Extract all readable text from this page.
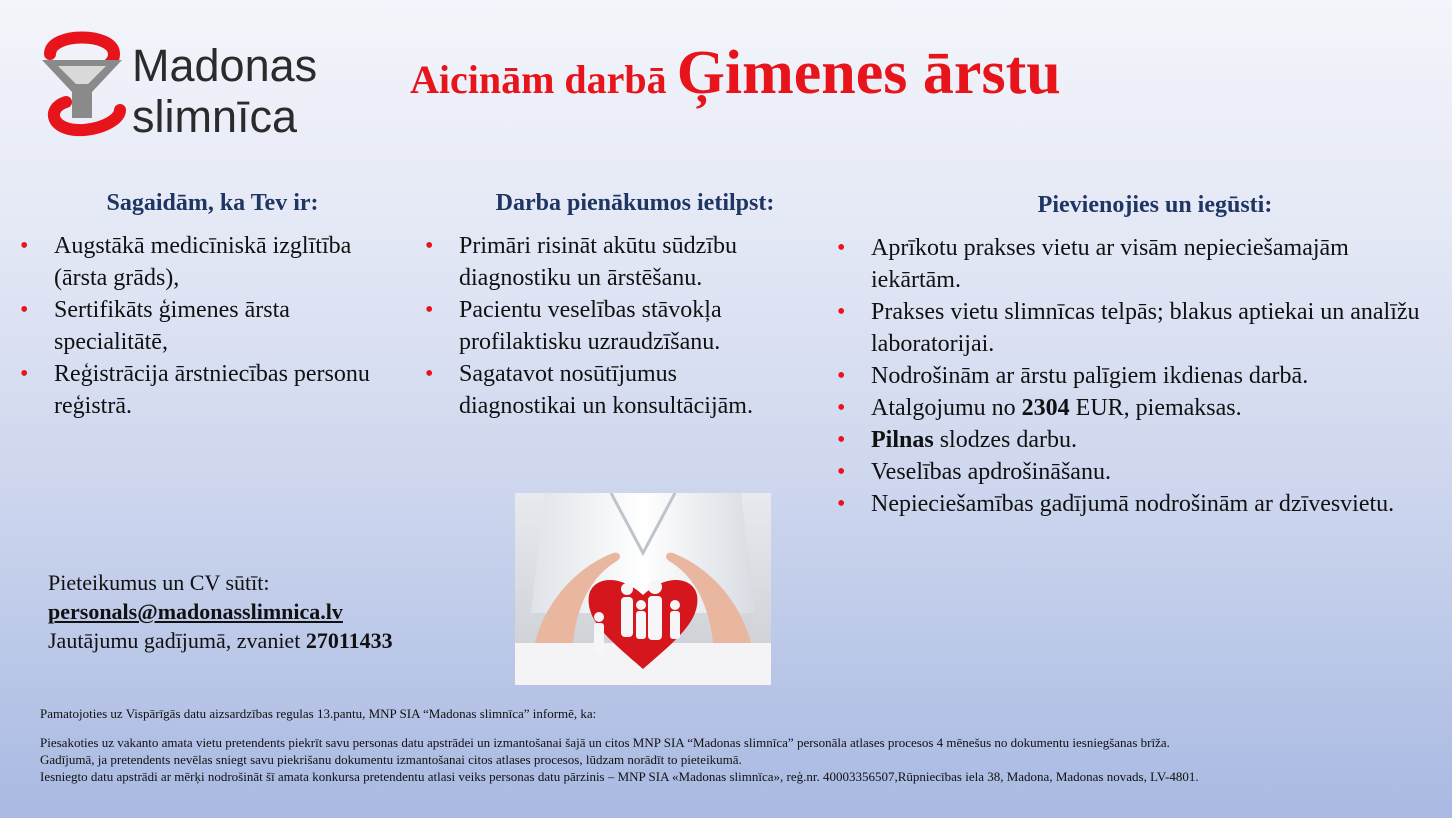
Madonas
slimnīca
Aicinām darbā Ģimenes ārstu
Sagaidām, ka Tev ir:
• Augstākā medicīniskā izglītība (ārsta grāds),
• Sertifikāts ģimenes ārsta specialitātē,
• Reģistrācija ārstniecības personu reģistrā.
Darba pienākumos ietilpst:
• Primāri risināt akūtu sūdzību diagnostiku un ārstēšanu.
• Pacientu veselības stāvokļa profilaktisku uzraudzīšanu.
• Sagatavot nosūtījumus diagnostikai un konsultācijām.
Pievienojies un iegūsti:
• Aprīkotu prakses vietu ar visām nepieciešamajām iekārtām.
• Prakses vietu slimnīcas telpās; blakus aptiekai un analīžu laboratorijai.
• Nodrošinām ar ārstu palīgiem ikdienas darbā.
• Atalgojumu no 2304 EUR, piemaksas.
• Pilnas slodzes darbu.
• Veselības apdrošināšanu.
• Nepieciešamības gadījumā nodrošinām ar dzīvesvietu.
Pieteikumus un CV sūtīt:
personals@madonasslimnica.lv
Jautājumu gadījumā, zvaniet 27011433
Pamatojoties uz Vispārīgās datu aizsardzības regulas 13.pantu, MNP SIA “Madonas slimnīca” informē, ka:
Piesakoties uz vakanto amata vietu pretendents piekrīt savu personas datu apstrādei un izmantošanai šajā un citos MNP SIA “Madonas slimnīca” personāla atlases procesos 4 mēnešus no dokumentu iesniegšanas brīža.
Gadījumā, ja pretendents nevēlas sniegt savu piekrišanu dokumentu izmantošanai citos atlases procesos, lūdzam norādīt to pieteikumā.
Iesniegto datu apstrādi ar mērķi nodrošināt šī amata konkursa pretendentu atlasi veiks personas datu pārzinis – MNP SIA «Madonas slimnīca», reģ.nr. 40003356507,Rūpniecības iela 38, Madona, Madonas novads, LV-4801.
